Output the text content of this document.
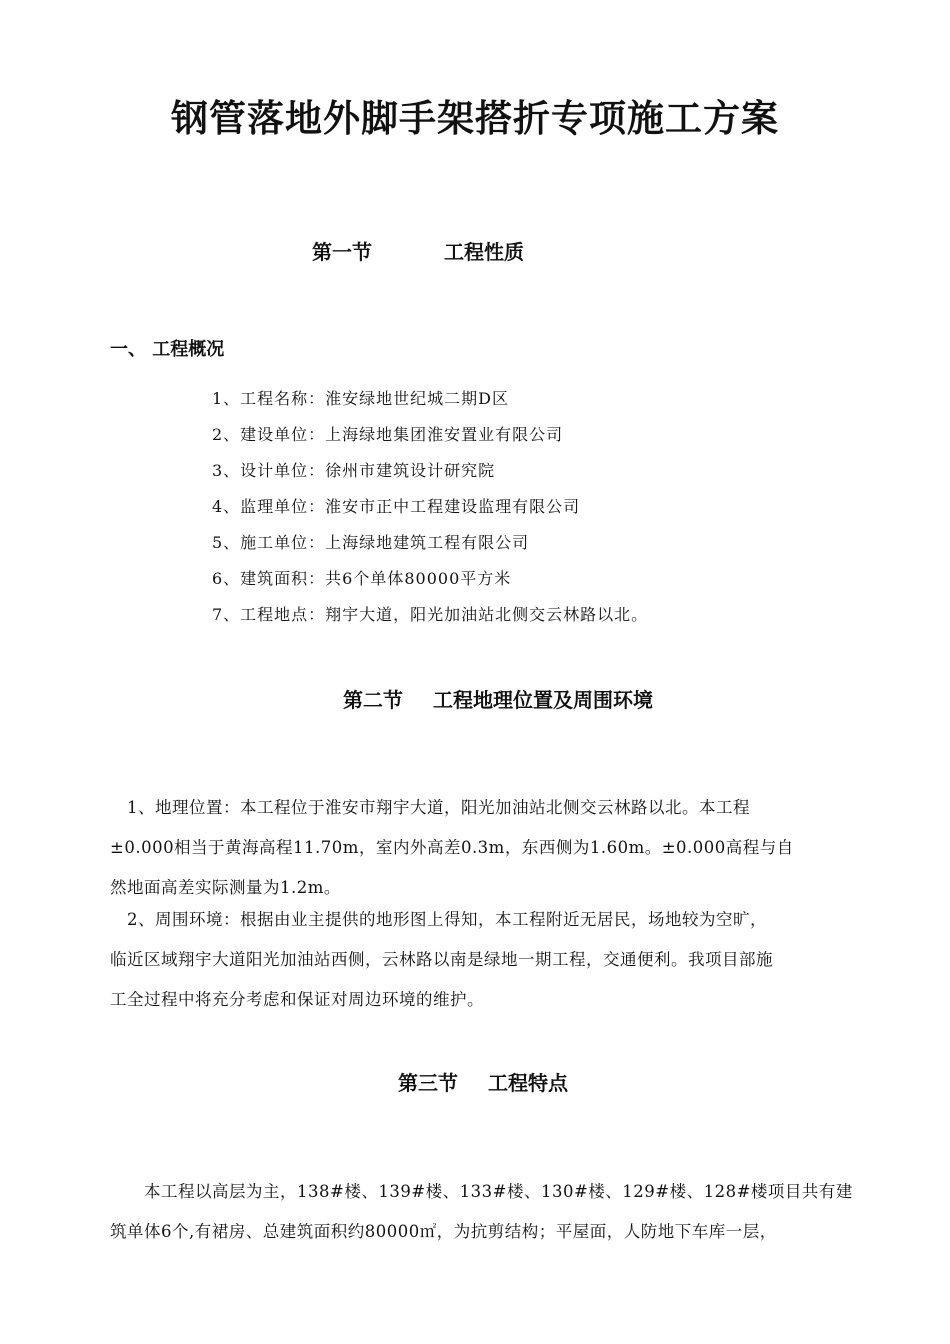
钢管落地外脚手架搭折专项施工方案
第一节	工程性质
一、 工程概况
1、工程名称：淮安绿地世纪城二期D区
2、建设单位：上海绿地集团淮安置业有限公司
3、设计单位：徐州市建筑设计研究院
4、监理单位：淮安市正中工程建设监理有限公司
5、施工单位：上海绿地建筑工程有限公司
6、建筑面积：共6个单体80000平方米
7、工程地点：翔宇大道，阳光加油站北侧交云林路以北。
第二节 工程地理位置及周围环境
　1、地理位置：本工程位于淮安市翔宇大道，阳光加油站北侧交云林路以北。本工程
±0.000相当于黄海高程11.70m，室内外高差0.3m，东西侧为1.60m。±0.000高程与自
然地面高差实际测量为1.2m。
　2、周围环境：根据由业主提供的地形图上得知，本工程附近无居民，场地较为空旷，
临近区域翔宇大道阳光加油站西侧，云林路以南是绿地一期工程，交通便利。我项目部施
工全过程中将充分考虑和保证对周边环境的维护。
第三节 工程特点
　　本工程以高层为主，138#楼、139#楼、133#楼、130#楼、129#楼、128#楼项目共有建
筑单体6个,有裙房、总建筑面积约80000㎡，为抗剪结构；平屋面，人防地下车库一层，
